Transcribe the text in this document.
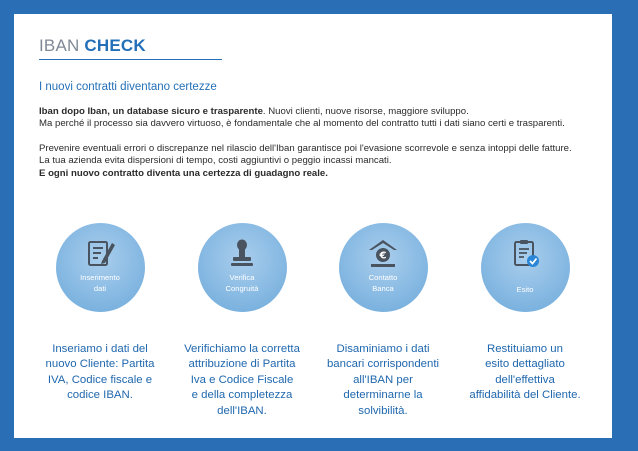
IBAN CHECK
I nuovi contratti diventano certezze

Iban dopo Iban, un database sicuro e trasparente. Nuovi clienti, nuove risorse, maggiore sviluppo.

Ma perché il processo sia davvero virtuoso, è fondamentale che al momento del contratto tutti i dati siano certi e trasparenti.

Prevenire eventuali errori o discrepanze nel rilascio dell'Iban garantisce poi l'evasione scorrevole e senza intoppi delle fatture.

La tua azienda evita dispersioni di tempo, costi aggiuntivi o peggio incassi mancati.

E ogni nuovo contratto diventa una certezza di guadagno reale.

Inserimento
dati
Inseriamo i dati del
nuovo Cliente: Partita
IVA, Codice fiscale e
codice IBAN.
Verifica
Congruità
Verifichiamo la corretta
attribuzione di Partita
Iva e Codice Fiscale
e della completezza
dell'IBAN.
€
Contatto
Banca
Disaminiamo i dati
bancari corrispondenti
all'IBAN per
determinarne la
solvibilità.
Esito
Restituiamo un
esito dettagliato
dell'effettiva
affidabilità del Cliente.
